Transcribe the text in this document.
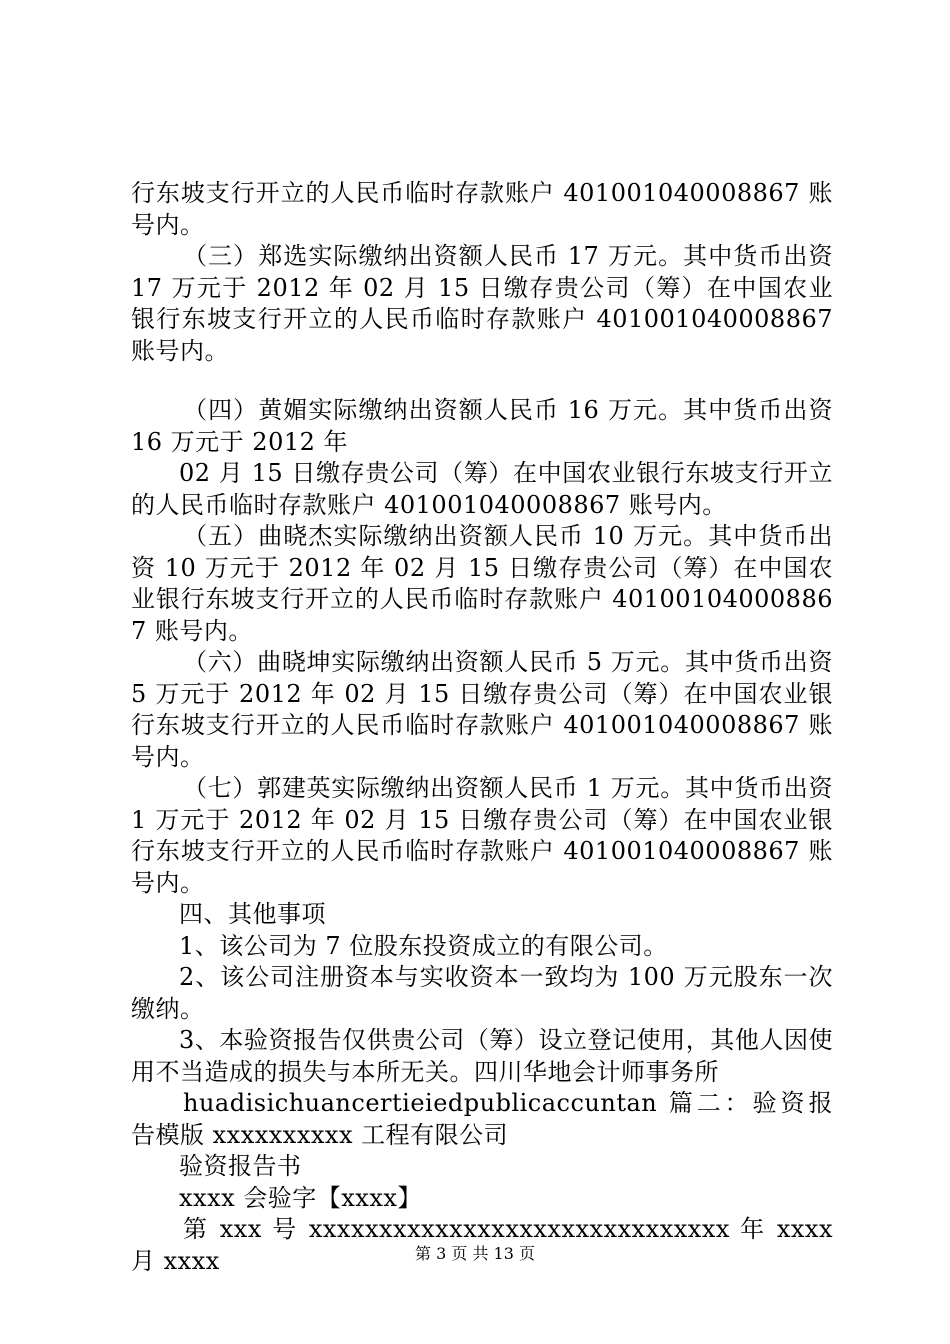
行东坡支行开立的人民币临时存款账户 401001040008867 账号内。

（三）郑选实际缴纳出资额人民币 17 万元。其中货币出资 17 万元于 2012 年 02 月 15 日缴存贵公司（筹）在中国农业银行东坡支行开立的人民币临时存款账户 401001040008867 账号内。

（四）黄媚实际缴纳出资额人民币 16 万元。其中货币出资 16 万元于 2012 年

02 月 15 日缴存贵公司（筹）在中国农业银行东坡支行开立的人民币临时存款账户 401001040008867 账号内。

（五）曲晓杰实际缴纳出资额人民币 10 万元。其中货币出资 10 万元于 2012 年 02 月 15 日缴存贵公司（筹）在中国农业银行东坡支行开立的人民币临时存款账户 401001040008867 账号内。

（六）曲晓坤实际缴纳出资额人民币 5 万元。其中货币出资 5 万元于 2012 年 02 月 15 日缴存贵公司（筹）在中国农业银行东坡支行开立的人民币临时存款账户 401001040008867 账号内。

（七）郭建英实际缴纳出资额人民币 1 万元。其中货币出资 1 万元于 2012 年 02 月 15 日缴存贵公司（筹）在中国农业银行东坡支行开立的人民币临时存款账户 401001040008867 账号内。

四、其他事项

1、该公司为 7 位股东投资成立的有限公司。

2、该公司注册资本与实收资本一致均为 100 万元股东一次缴纳。

3、本验资报告仅供贵公司（筹）设立登记使用，其他人因使用不当造成的损失与本所无关。四川华地会计师事务所

huadisichuancertieiedpublicaccuntan 篇二：验资报告模版 xxxxxxxxxx 工程有限公司

验资报告书

xxxx 会验字【xxxx】

第 xxx 号 xxxxxxxxxxxxxxxxxxxxxxxxxxxxxx 年 xxxx 月 xxxx	第 3 页 共 13 页
